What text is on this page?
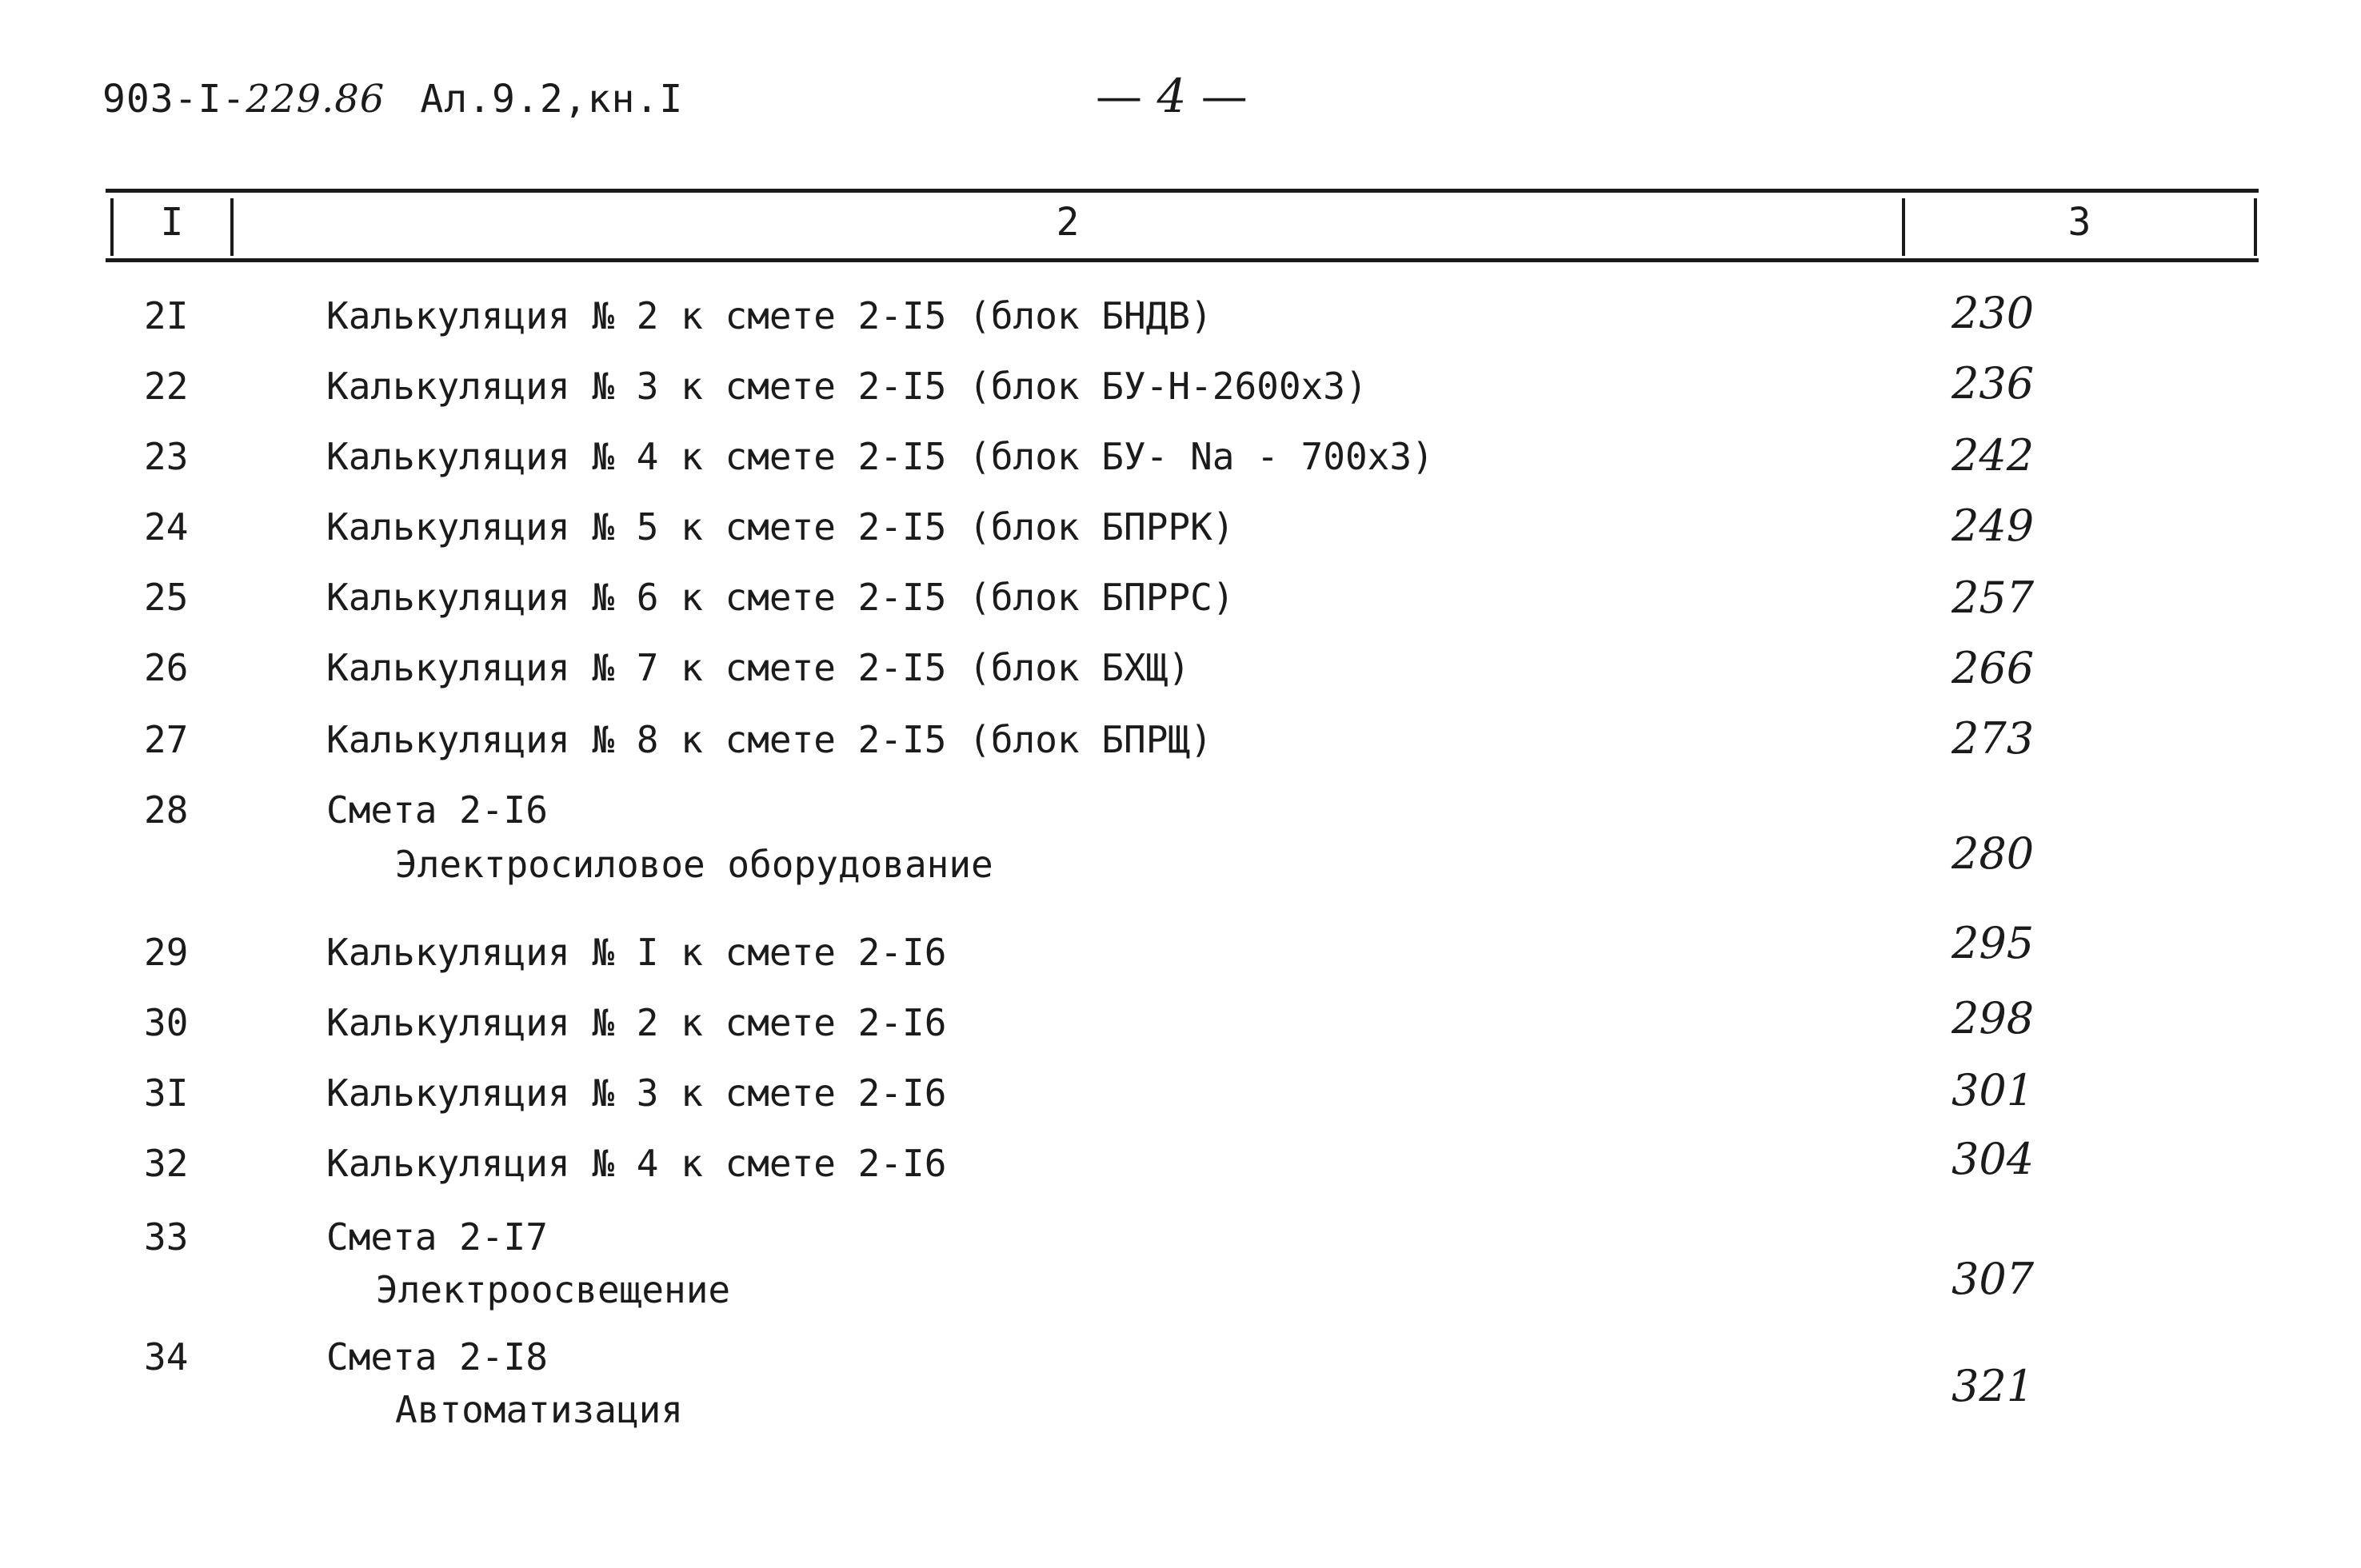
903-I-229.86 Ал.9.2,кн.I	— 4 —
I	2	3
2I	Калькуляция № 2 к смете 2-I5 (блок БНДВ)	230
22	Калькуляция № 3 к смете 2-I5 (блок БУ-Н-2600х3)	236
23	Калькуляция № 4 к смете 2-I5 (блок БУ- Na - 700х3)	242
24	Калькуляция № 5 к смете 2-I5 (блок БПРРК)	249
25	Калькуляция № 6 к смете 2-I5 (блок БПРРС)	257
26	Калькуляция № 7 к смете 2-I5 (блок БХЩ)	266
27	Калькуляция № 8 к смете 2-I5 (блок БПРЩ)	273
28	Смета 2-I6
Электросиловое оборудование	280
29	Калькуляция № I к смете 2-I6	295
30	Калькуляция № 2 к смете 2-I6	298
3I	Калькуляция № 3 к смете 2-I6	301
32	Калькуляция № 4 к смете 2-I6	304
33	Смета 2-I7
Электроосвещение	307
34	Смета 2-I8
Автоматизация	321
